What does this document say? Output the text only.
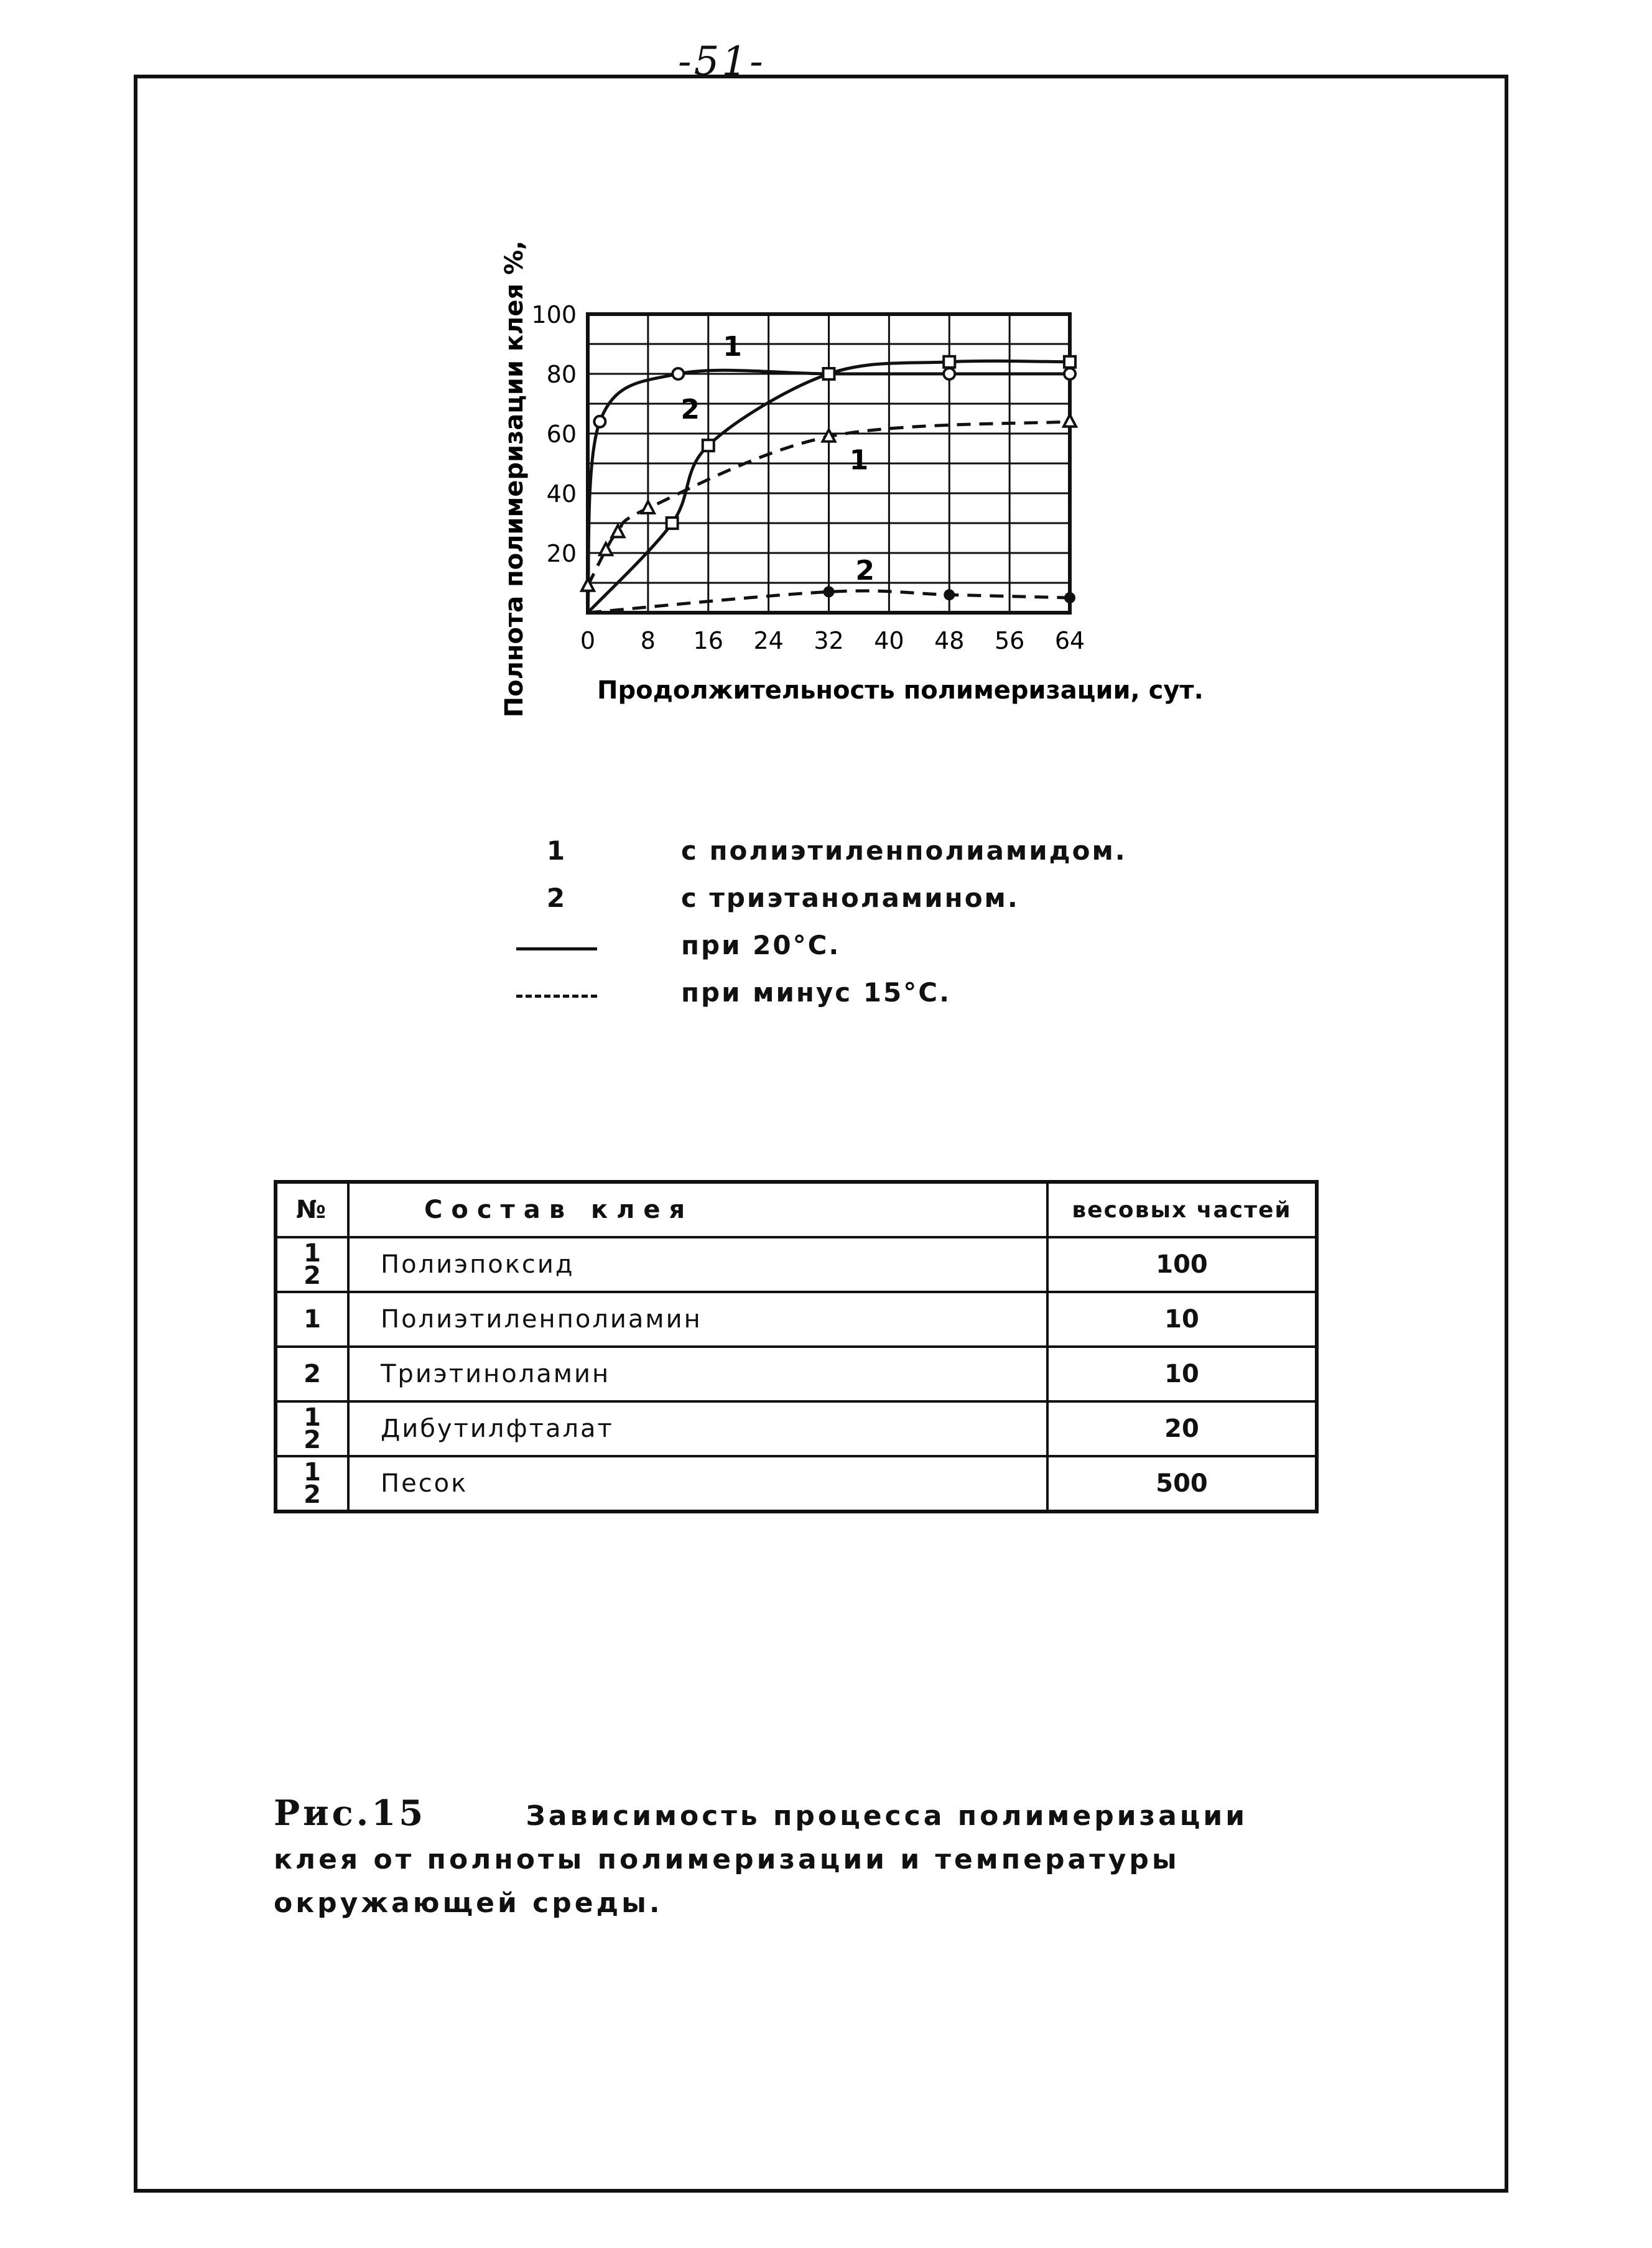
-51-
0 8 16 24 32 40 48 56 64
20
40
60
80
100
1
2
1
2
Полнота полимеризации клея %,	Продолжительность полимеризации, сут.
1	с полиэтиленполиамидом.
2	с триэтаноламином.
при 20°С.
при минус 15°С.
№	Состав клея	весовых частей
1
2	Полиэпоксид	100
1	Полиэтиленполиамин	10
2	Триэтиноламин	10
1
2	Дибутилфталат	20
1
2	Песок	500
Рис.15	Зависимость процесса полимеризации клея от полноты полимеризации и температуры окружающей среды.
